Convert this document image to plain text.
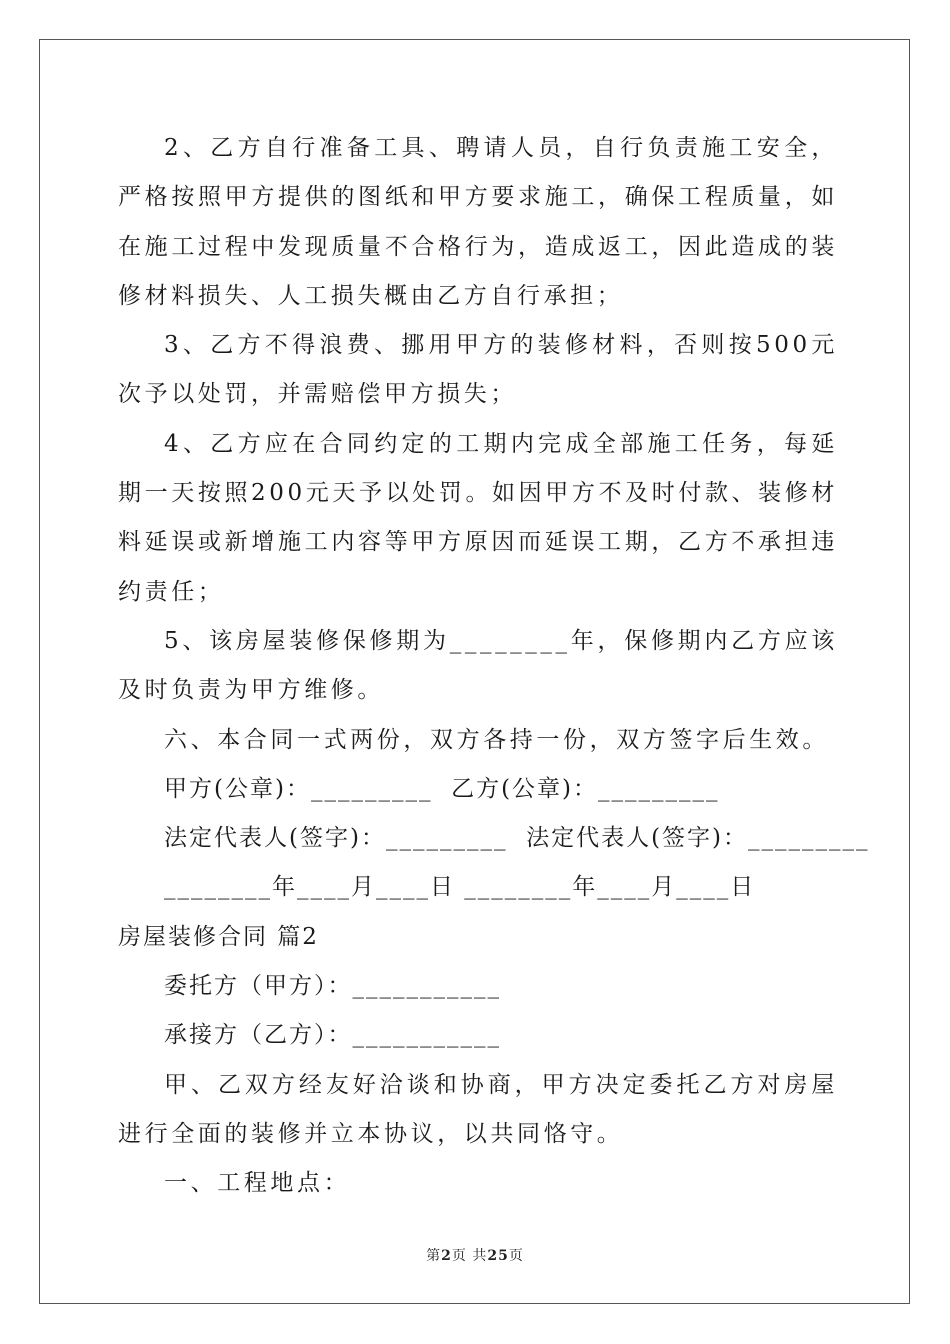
2、乙方自行准备工具、聘请人员，自行负责施工安全，严格按照甲方提供的图纸和甲方要求施工，确保工程质量，如在施工过程中发现质量不合格行为，造成返工，因此造成的装修材料损失、人工损失概由乙方自行承担；

3、乙方不得浪费、挪用甲方的装修材料，否则按500元次予以处罚，并需赔偿甲方损失；

4、乙方应在合同约定的工期内完成全部施工任务，每延期一天按照200元天予以处罚。如因甲方不及时付款、装修材料延误或新增施工内容等甲方原因而延误工期，乙方不承担违约责任；

5、该房屋装修保修期为________年，保修期内乙方应该及时负责为甲方维修。

六、本合同一式两份，双方各持一份，双方签字后生效。

甲方(公章)：_________  乙方(公章)：_________

法定代表人(签字)：_________  法定代表人(签字)：_________

________年____月____日 ________年____月____日

房屋装修合同 篇2

委托方（甲方）：___________

承接方（乙方）：___________

甲、乙双方经友好洽谈和协商，甲方决定委托乙方对房屋进行全面的装修并立本协议，以共同恪守。

一、工程地点：

第2页 共25页
